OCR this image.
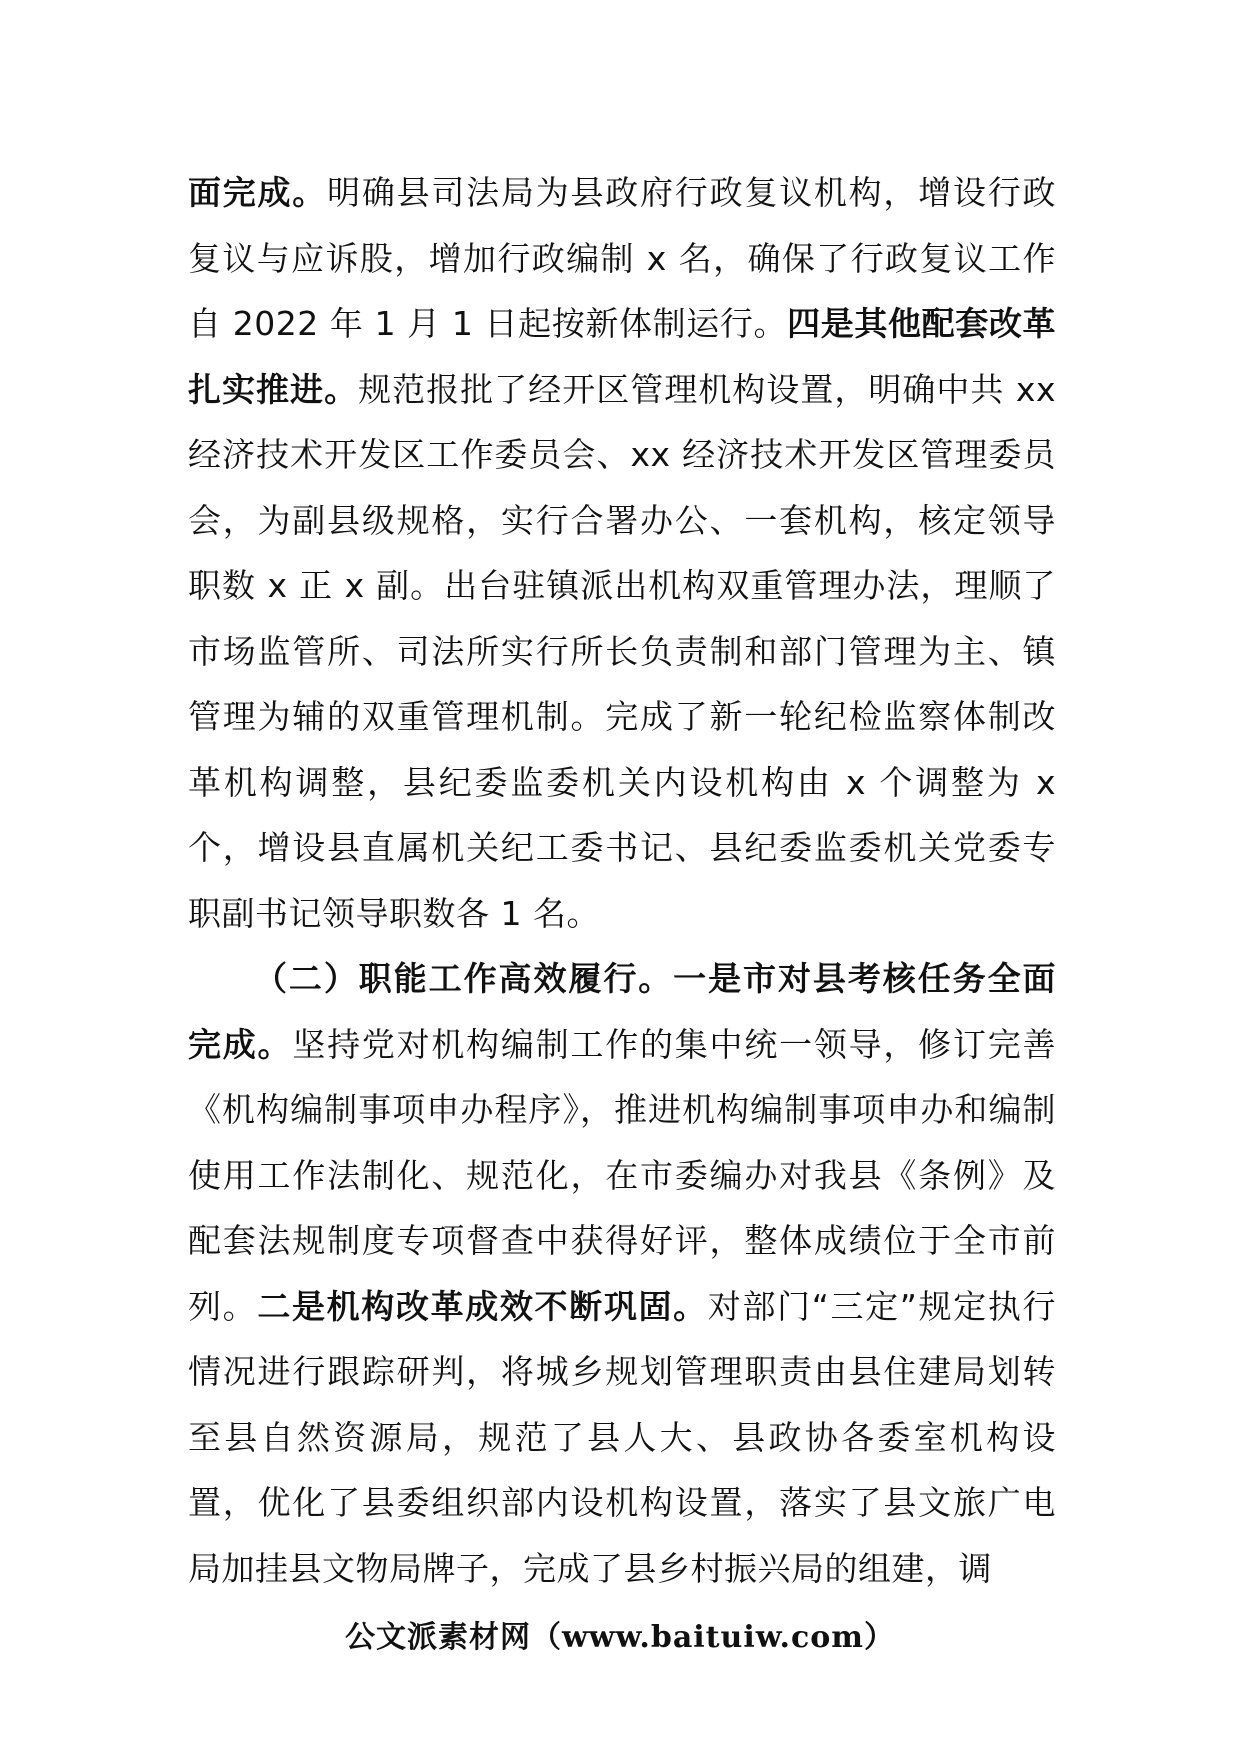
面完成。明确县司法局为县政府行政复议机构，增设行政复议与应诉股，增加行政编制 x 名，确保了行政复议工作自 2022 年 1 月 1 日起按新体制运行。四是其他配套改革扎实推进。规范报批了经开区管理机构设置，明确中共 xx 经济技术开发区工作委员会、xx 经济技术开发区管理委员会，为副县级规格，实行合署办公、一套机构，核定领导职数 x 正 x 副。出台驻镇派出机构双重管理办法，理顺了市场监管所、司法所实行所长负责制和部门管理为主、镇管理为辅的双重管理机制。完成了新一轮纪检监察体制改革机构调整，县纪委监委机关内设机构由 x 个调整为 x 个，增设县直属机关纪工委书记、县纪委监委机关党委专职副书记领导职数各 1 名。

（二）职能工作高效履行。一是市对县考核任务全面完成。坚持党对机构编制工作的集中统一领导，修订完善《机构编制事项申办程序》，推进机构编制事项申办和编制使用工作法制化、规范化，在市委编办对我县《条例》及配套法规制度专项督查中获得好评，整体成绩位于全市前列。二是机构改革成效不断巩固。对部门“三定”规定执行情况进行跟踪研判，将城乡规划管理职责由县住建局划转至县自然资源局，规范了县人大、县政协各委室机构设置，优化了县委组织部内设机构设置，落实了县文旅广电局加挂县文物局牌子，完成了县乡村振兴局的组建，调

公文派素材网（www.baituiw.com）
